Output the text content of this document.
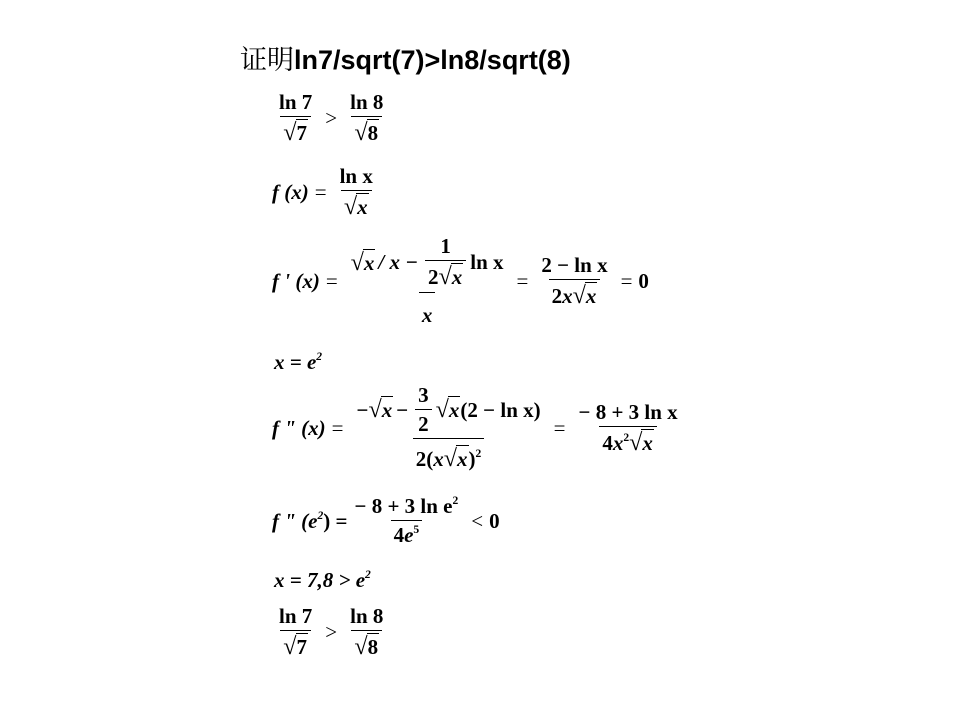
证明ln7/sqrt(7)>ln8/sqrt(8)
$\frac{\ln 7}{√7} > \frac{\ln 8}{√8}$
f $(x) = \frac{\text{ln x}}{√x}$
f ' (x) =
$√x / x - \frac{1}{2√x}$ ln x
x
= $\frac{\text{2 − ln x}}{2x√x} = 0$
$x = e^2$
f " (x) =
− $√x - \frac{3}{2} √x$ (2 − ln x)
$2(x√x)^2$
= $\frac{\text{− 8 + 3 ln x}}{4x^2√x}$
f " $(e^2) = \frac{- 8 + 3 \ln e^2}{4e^5} < 0$
$x = 7,8 > e^2$
$\frac{\ln 7}{√7} > \frac{\ln 8}{√8}$
